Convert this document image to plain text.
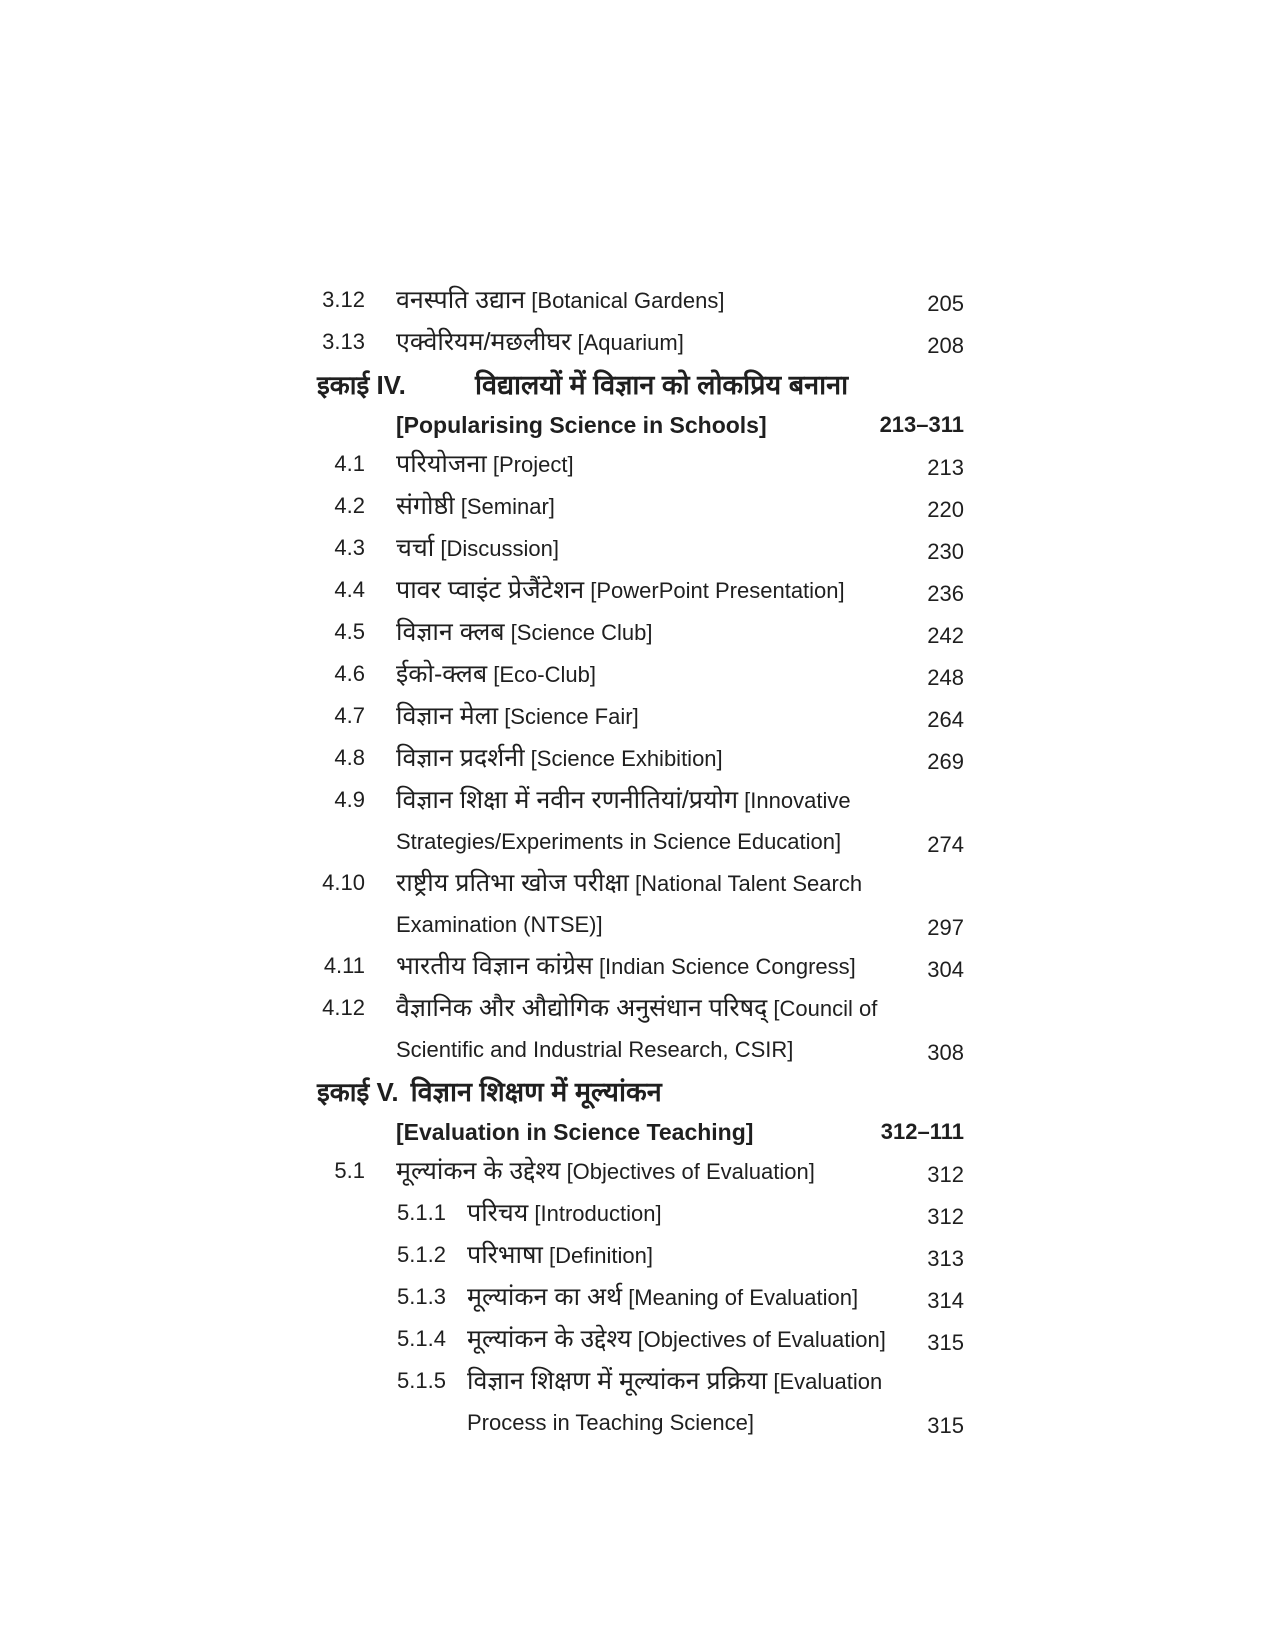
3.12 वनस्पति उद्यान [Botanical Gardens]	205
3.13 एक्वेरियम/मछलीघर [Aquarium]	208
इकाई IV.	विद्यालयों में विज्ञान को लोकप्रिय बनाना
[Popularising Science in Schools]	213–311
4.1 परियोजना [Project]	213
4.2 संगोष्ठी [Seminar]	220
4.3 चर्चा [Discussion]	230
4.4 पावर प्वाइंट प्रेजैंटेशन [PowerPoint Presentation]	236
4.5 विज्ञान क्लब [Science Club]	242
4.6 ईको-क्लब [Eco-Club]	248
4.7 विज्ञान मेला [Science Fair]	264
4.8 विज्ञान प्रदर्शनी [Science Exhibition]	269
4.9 विज्ञान शिक्षा में नवीन रणनीतियां/प्रयोग [Innovative
Strategies/Experiments in Science Education]	274
4.10 राष्ट्रीय प्रतिभा खोज परीक्षा [National Talent Search
Examination (NTSE)]	297
4.11 भारतीय विज्ञान कांग्रेस [Indian Science Congress]	304
4.12 वैज्ञानिक और औद्योगिक अनुसंधान परिषद् [Council of
Scientific and Industrial Research, CSIR]	308
इकाई V. विज्ञान शिक्षण में मूल्यांकन
[Evaluation in Science Teaching]	312–111
5.1 मूल्यांकन के उद्देश्य [Objectives of Evaluation]	312
5.1.1 परिचय [Introduction]	312
5.1.2 परिभाषा [Definition]	313
5.1.3 मूल्यांकन का अर्थ [Meaning of Evaluation]	314
5.1.4 मूल्यांकन के उद्देश्य [Objectives of Evaluation]	315
5.1.5 विज्ञान शिक्षण में मूल्यांकन प्रक्रिया [Evaluation
Process in Teaching Science]	315
